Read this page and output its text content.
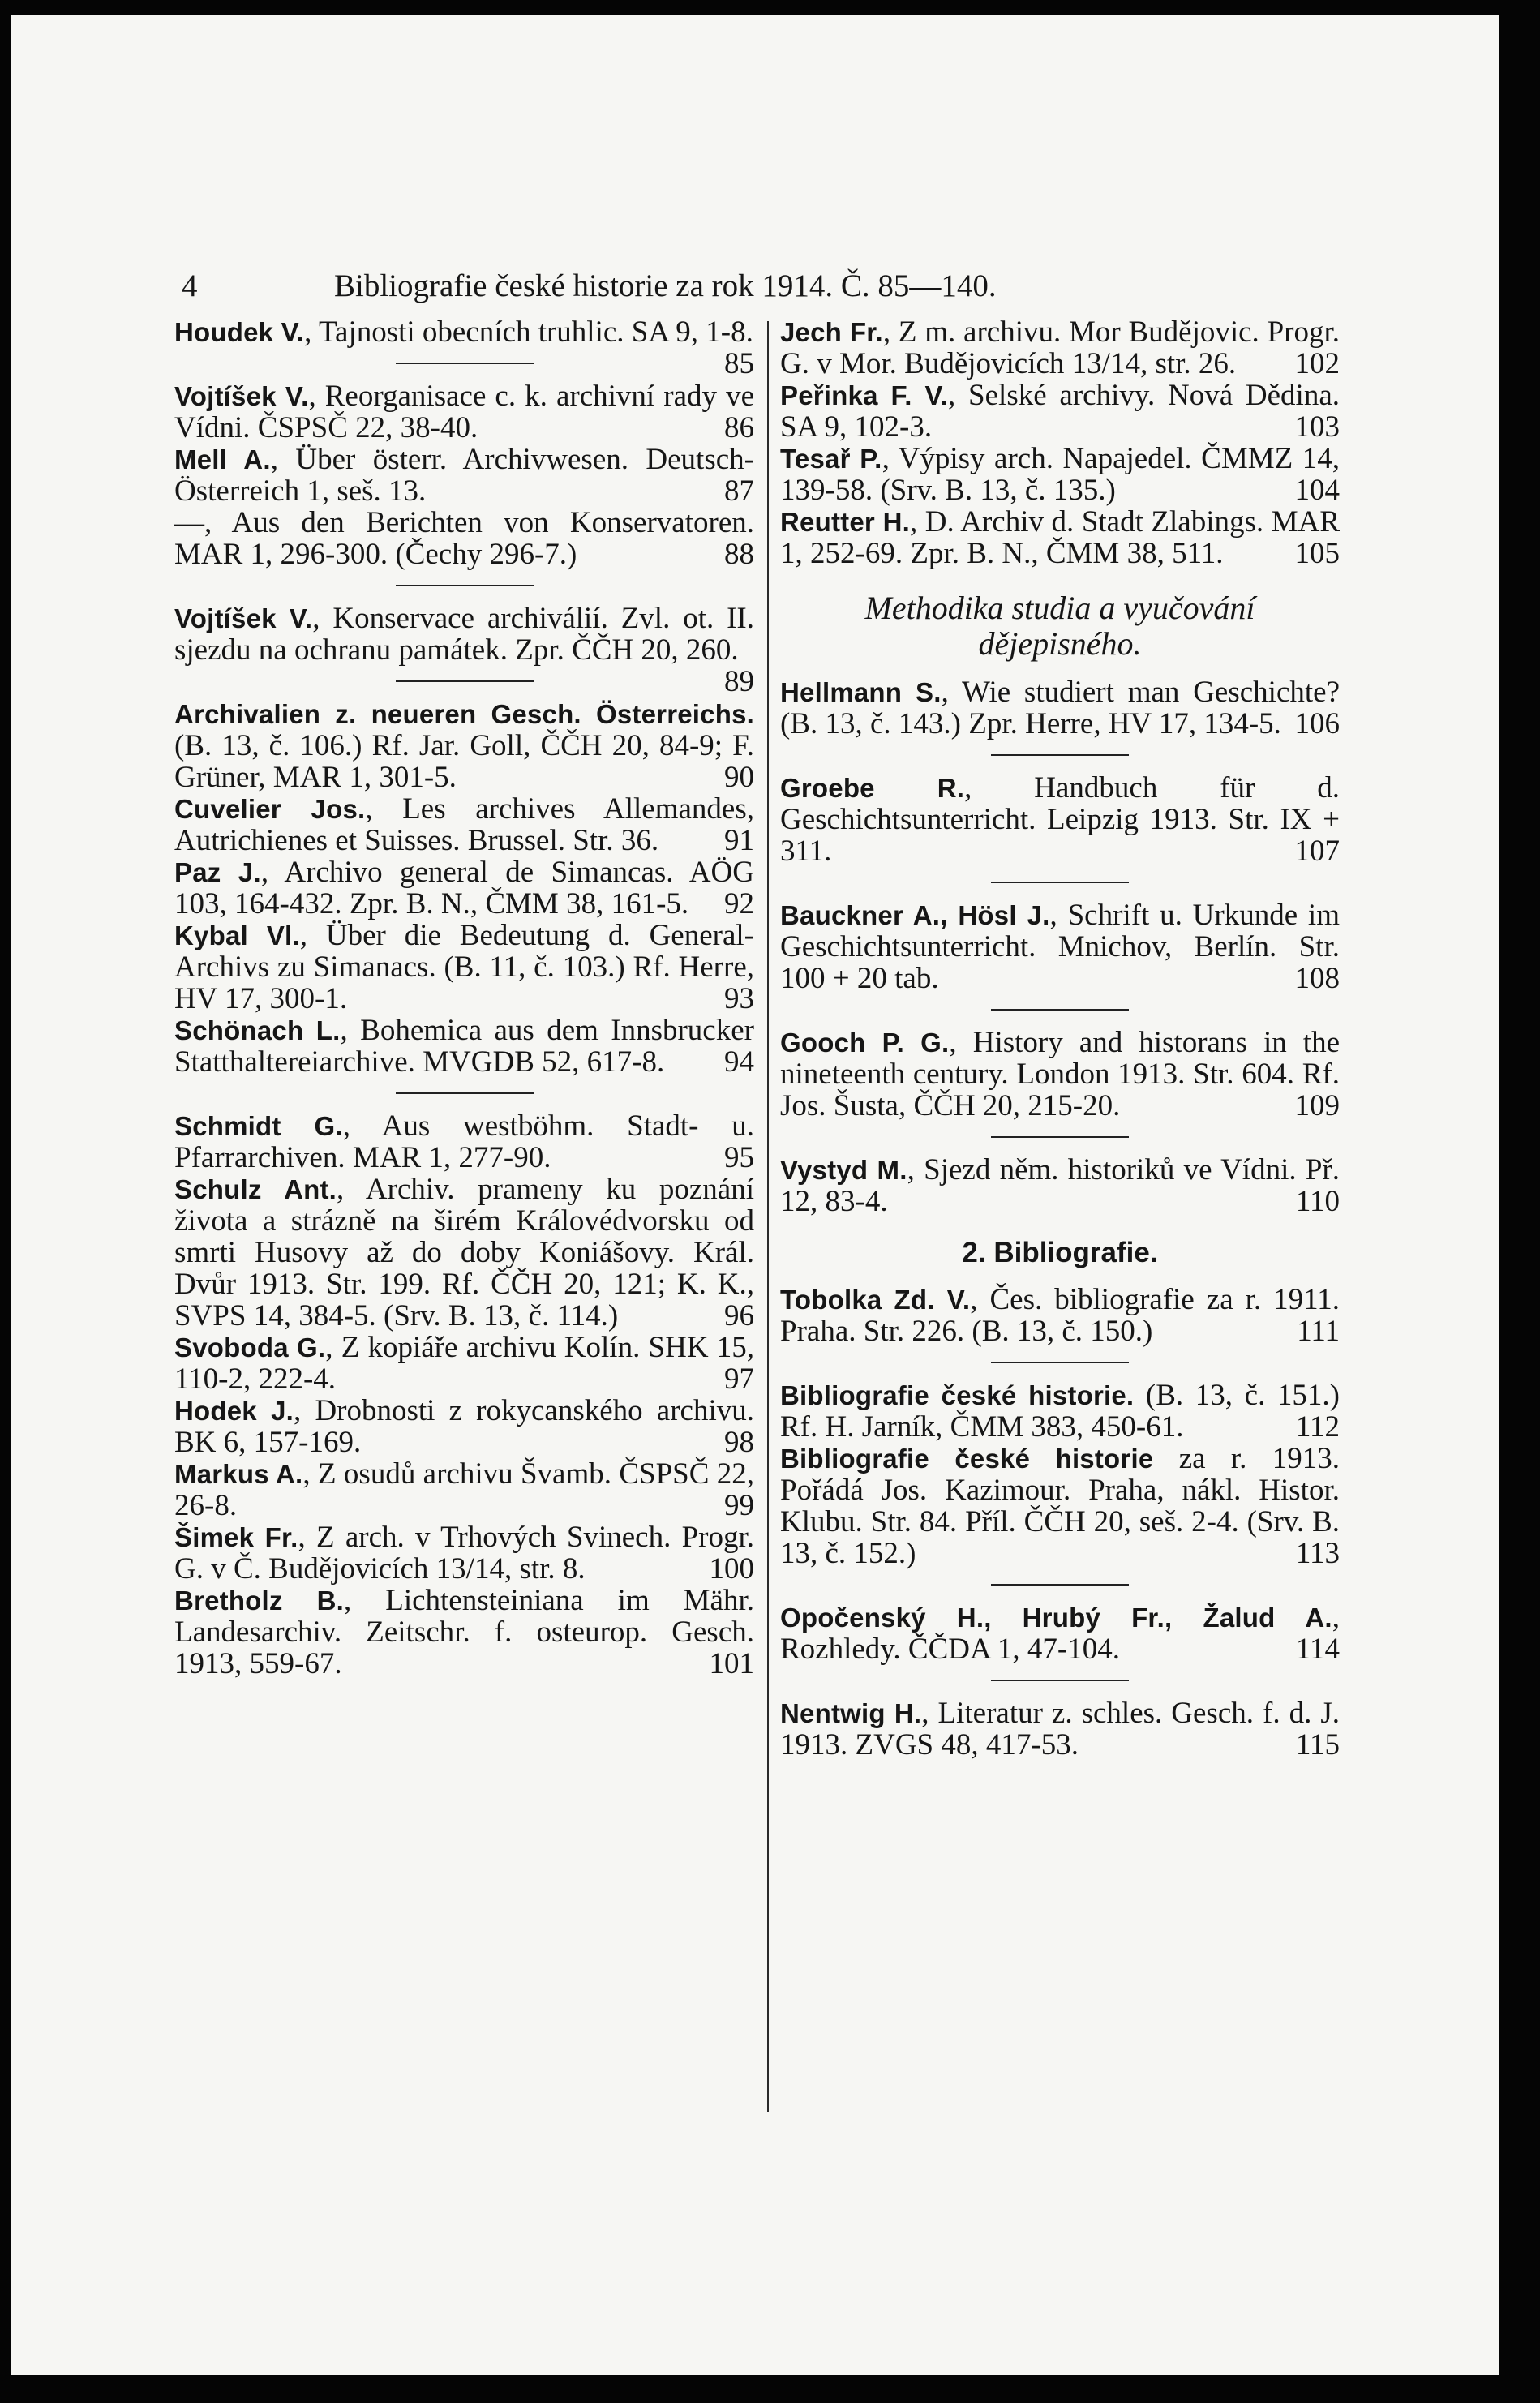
4	Bibliografie české historie za rok 1914. Č. 85—140.
Houdek V., Tajnosti obecních truhlic. SA 9, 1-8.
85
Vojtíšek V., Reorganisace c. k. archivní rady ve Vídni. ČSPSČ 22, 38-40.	86
Mell A., Über österr. Archivwesen. Deutsch-Österreich 1, seš. 13.	87
—, Aus den Berichten von Konservatoren. MAR 1, 296-300. (Čechy 296-7.)	88
Vojtíšek V., Konservace archiválií. Zvl. ot. II. sjezdu na ochranu památek. Zpr. ČČH 20, 260.
89
Archivalien z. neueren Gesch. Österreichs. (B. 13, č. 106.) Rf. Jar. Goll, ČČH 20, 84-9; F. Grüner, MAR 1, 301-5.	90
Cuvelier Jos., Les archives Allemandes, Autrichienes et Suisses. Brussel. Str. 36.	91
Paz J., Archivo general de Simancas. AÖG 103, 164-432. Zpr. B. N., ČMM 38, 161-5.	92
Kybal Vl., Über die Bedeutung d. General-Archivs zu Simanacs. (B. 11, č. 103.) Rf. Herre, HV 17, 300-1.	93
Schönach L., Bohemica aus dem Innsbrucker Statthaltereiarchive. MVGDB 52, 617-8.	94
Schmidt G., Aus westböhm. Stadt- u. Pfarrarchiven. MAR 1, 277-90.	95
Schulz Ant., Archiv. prameny ku poznání života a strázně na širém Královédvorsku od smrti Husovy až do doby Koniášovy. Král. Dvůr 1913. Str. 199. Rf. ČČH 20, 121; K. K., SVPS 14, 384-5. (Srv. B. 13, č. 114.)	96
Svoboda G., Z kopiáře archivu Kolín. SHK 15, 110-2, 222-4.	97
Hodek J., Drobnosti z rokycanského archivu. BK 6, 157-169.	98
Markus A., Z osudů archivu Švamb. ČSPSČ 22, 26-8.	99
Šimek Fr., Z arch. v Trhových Svinech. Progr. G. v Č. Budějovicích 13/14, str. 8.	100
Bretholz B., Lichtensteiniana im Mähr. Landesarchiv. Zeitschr. f. osteurop. Gesch. 1913, 559-67.	101
Jech Fr., Z m. archivu. Mor Budějovic. Progr. G. v Mor. Budějovicích 13/14, str. 26.	102
Peřinka F. V., Selské archivy. Nová Dědina. SA 9, 102-3.	103
Tesař P., Výpisy arch. Napajedel. ČMMZ 14, 139-58. (Srv. B. 13, č. 135.)	104
Reutter H., D. Archiv d. Stadt Zlabings. MAR 1, 252-69. Zpr. B. N., ČMM 38, 511.	105
Methodika studia a vyučování dějepisného.
Hellmann S., Wie studiert man Geschichte? (B. 13, č. 143.) Zpr. Herre, HV 17, 134-5. 106
Groebe R., Handbuch für d. Geschichtsunterricht. Leipzig 1913. Str. IX + 311.	107
Bauckner A., Hösl J., Schrift u. Urkunde im Geschichtsunterricht. Mnichov, Berlín. Str. 100 + 20 tab.	108
Gooch P. G., History and historans in the nineteenth century. London 1913. Str. 604. Rf. Jos. Šusta, ČČH 20, 215-20.	109
Vystyd M., Sjezd něm. historiků ve Vídni. Př. 12, 83-4.	110
2. Bibliografie.
Tobolka Zd. V., Čes. bibliografie za r. 1911. Praha. Str. 226. (B. 13, č. 150.)	111
Bibliografie české historie. (B. 13, č. 151.) Rf. H. Jarník, ČMM 383, 450-61.	112
Bibliografie české historie za r. 1913. Pořádá Jos. Kazimour. Praha, nákl. Histor. Klubu. Str. 84. Příl. ČČH 20, seš. 2-4. (Srv. B. 13, č. 152.)	113
Opočenský H., Hrubý Fr., Žalud A., Rozhledy. ČČDA 1, 47-104.	114
Nentwig H., Literatur z. schles. Gesch. f. d. J. 1913. ZVGS 48, 417-53.	115
